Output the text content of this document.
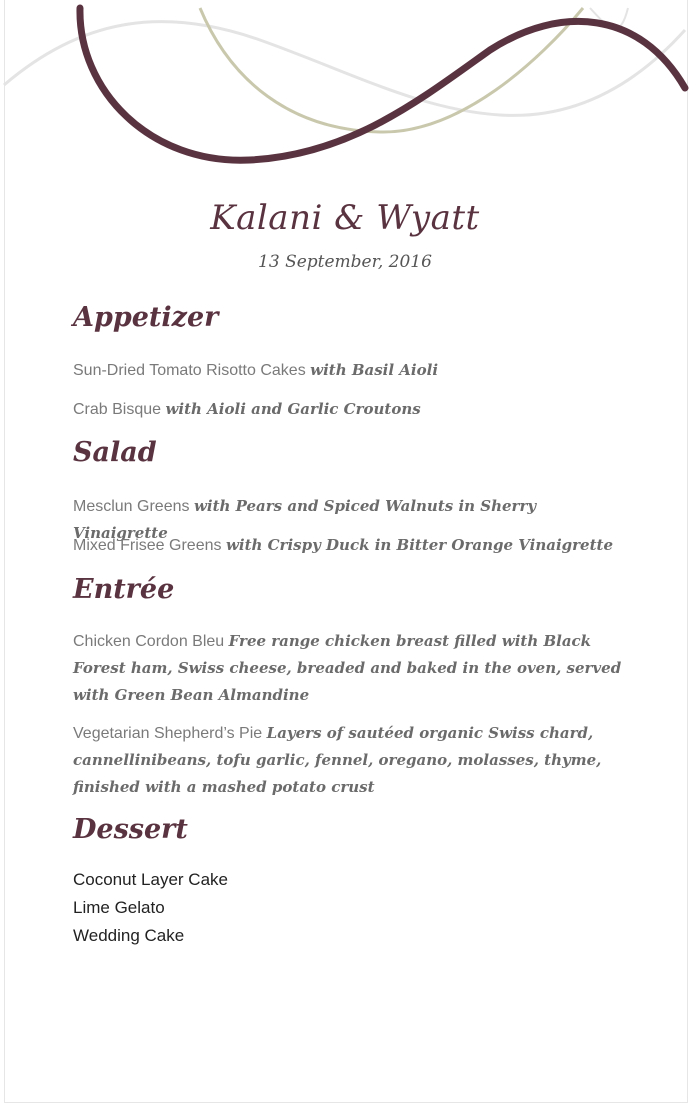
Kalani & Wyatt
13 September, 2016
Appetizer

Sun-Dried Tomato Risotto Cakes with Basil Aioli

Crab Bisque with Aioli and Garlic Croutons

Salad

Mesclun Greens with Pears and Spiced Walnuts in Sherry Vinaigrette

Mixed Frisee Greens with Crispy Duck in Bitter Orange Vinaigrette

Entrée

Chicken Cordon Bleu Free range chicken breast filled with Black Forest ham, Swiss cheese, breaded and baked in the oven, served with Green Bean Almandine

Vegetarian Shepherd’s Pie Layers of sautéed organic Swiss chard, cannellinibeans, tofu garlic, fennel, oregano, molasses, thyme, finished with a mashed potato crust

Dessert

Coconut Layer Cake

Lime Gelato

Wedding Cake
